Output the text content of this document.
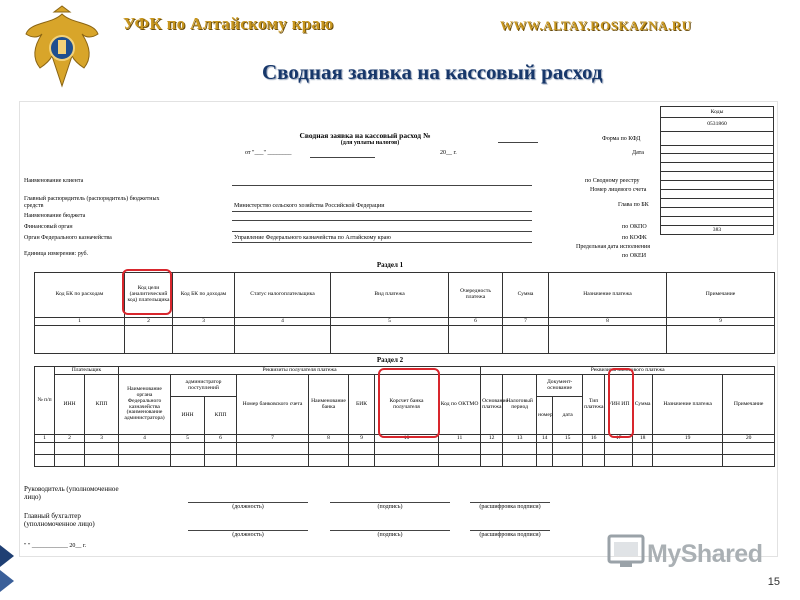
УФК по Алтайскому краю	WWW.ALTAY.ROSKAZNA.RU
Сводная заявка на кассовый расход
Сводная заявка на кассовый расход №
(для уплаты налогов)
от "___" ________	20__ г.
Форма по КФД
Дата
по Сводному реестру
Номер лицевого счета
Глава по БК
по ОКПО
по КОФК
Предельная дата исполнения
по ОКЕИ
Коды
0531860

383
Наименование клиента
Главный распорядитель (распорядитель) бюджетных средств	Министерство сельского хозяйства Российской Федерации
Наименование бюджета
Финансовый орган
Орган Федерального казначейства	Управление Федерального казначейства по Алтайскому краю
Единица измерения: руб.
Раздел 1
Код БК по расходам	Код цели (аналитический код) плательщика	Код БК по доходам	Статус налогоплательщика	Вид платежа	Очередность платежа	Сумма	Назначение платежа	Примечание
1	2	3	4	5	6	7	8	9

Раздел 2
№ п/п	Плательщик		Реквизиты получателя платежа								Реквизиты налогового платежа								
	ИНН	КПП	Наименование органа Федерального казначейства (наименование администратора)	администратор поступлений		Номер банковского счета	Наименование банка	БИК	Корсчет банка получателя	Код по ОКТМО	Основание платежа	Налоговый период	Документ-основание		Тип платежа	УИН ИП	Сумма	Назначение платежа	Примечание
				ИНН	КПП								номер	дата					
1	2	3	4	5	6	7	8	9	10	11	12	13	14	15	16	17	18	19	20

Руководитель (уполномоченное лицо)
(должность)	(подпись)	(расшифровка подписи)
Главный бухгалтер (уполномоченное лицо)
(должность)	(подпись)	(расшифровка подписи)
" " ____________ 20__ г.	MyShared
15
